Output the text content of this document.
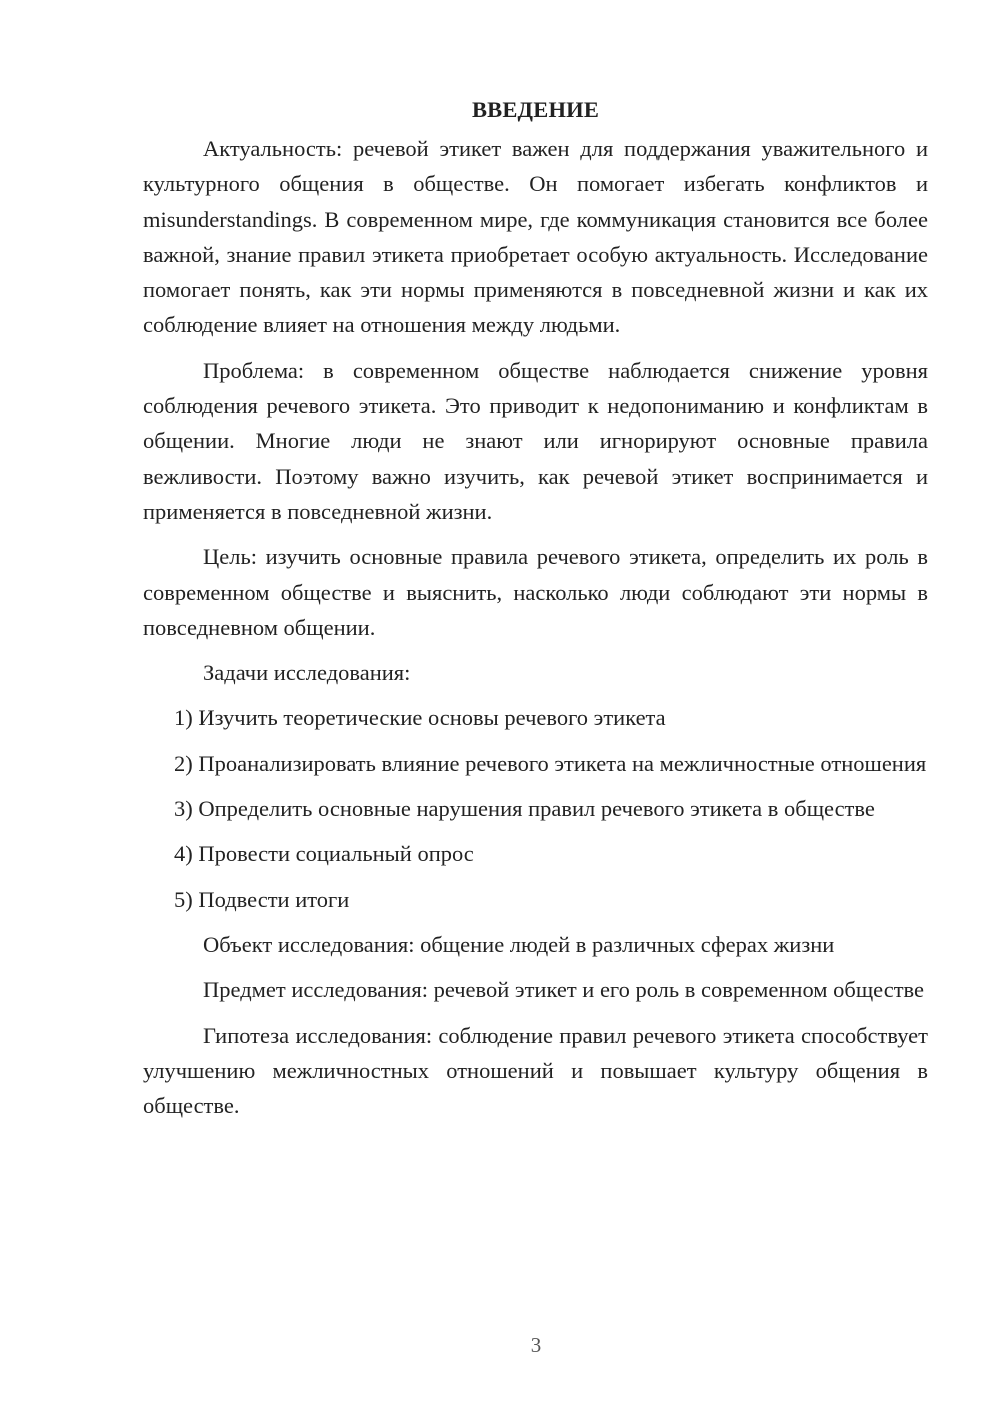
ВВЕДЕНИЕ

Актуальность: речевой этикет важен для поддержания уважительного и культурного общения в обществе. Он помогает избегать конфликтов и misunderstandings. В современном мире, где коммуникация становится все более важной, знание правил этикета приобретает особую актуальность. Исследование помогает понять, как эти нормы применяются в повседневной жизни и как их соблюдение влияет на отношения между людьми.

Проблема: в современном обществе наблюдается снижение уровня соблюдения речевого этикета. Это приводит к недопониманию и конфликтам в общении. Многие люди не знают или игнорируют основные правила вежливости. Поэтому важно изучить, как речевой этикет воспринимается и применяется в повседневной жизни.

Цель: изучить основные правила речевого этикета, определить их роль в современном обществе и выяснить, насколько люди соблюдают эти нормы в повседневном общении.

Задачи исследования:

1) Изучить теоретические основы речевого этикета

2) Проанализировать влияние речевого этикета на межличностные отношения

3) Определить основные нарушения правил речевого этикета в обществе

4) Провести социальный опрос

5) Подвести итоги

Объект исследования: общение людей в различных сферах жизни

Предмет исследования: речевой этикет и его роль в современном обществе

Гипотеза исследования: соблюдение правил речевого этикета способствует улучшению межличностных отношений и повышает культуру общения в обществе.

3
